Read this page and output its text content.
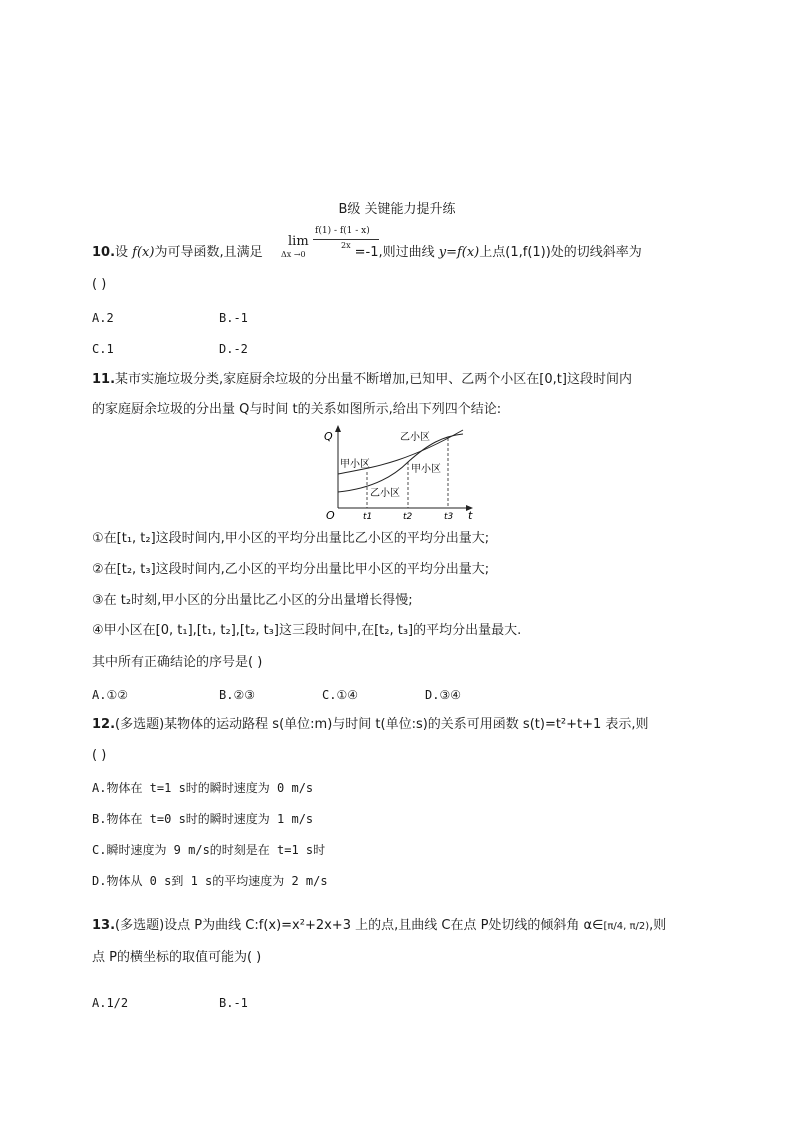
B级 关键能力提升练
10.设 f(x)为可导函数,且满足	=-1,则过曲线 y=f(x)上点(1,f(1))处的切线斜率为
lim
Δx →0
f(1) - f(1 - x)
2x
( )
A.2	B.-1
C.1	D.-2
11.某市实施垃圾分类,家庭厨余垃圾的分出量不断增加,已知甲、乙两个小区在[0,t]这段时间内
的家庭厨余垃圾的分出量 Q与时间 t的关系如图所示,给出下列四个结论:
Q
t
O
乙小区
甲小区	甲小区
乙小区
t1	t2	t3
①在[t₁, t₂]这段时间内,甲小区的平均分出量比乙小区的平均分出量大;
②在[t₂, t₃]这段时间内,乙小区的平均分出量比甲小区的平均分出量大;
③在 t₂时刻,甲小区的分出量比乙小区的分出量增长得慢;
④甲小区在[0, t₁],[t₁, t₂],[t₂, t₃]这三段时间中,在[t₂, t₃]的平均分出量最大.
其中所有正确结论的序号是( )
A.①②	B.②③	C.①④	D.③④
12.(多选题)某物体的运动路程 s(单位:m)与时间 t(单位:s)的关系可用函数 s(t)=t²+t+1 表示,则
( )
A.物体在 t=1 s时的瞬时速度为 0 m/s
B.物体在 t=0 s时的瞬时速度为 1 m/s
C.瞬时速度为 9 m/s的时刻是在 t=1 s时
D.物体从 0 s到 1 s的平均速度为 2 m/s
13.(多选题)设点 P为曲线 C:f(x)=x²+2x+3 上的点,且曲线 C在点 P处切线的倾斜角 α∈[π/4, π/2),则
点 P的横坐标的取值可能为( )
A.1/2	B.-1
